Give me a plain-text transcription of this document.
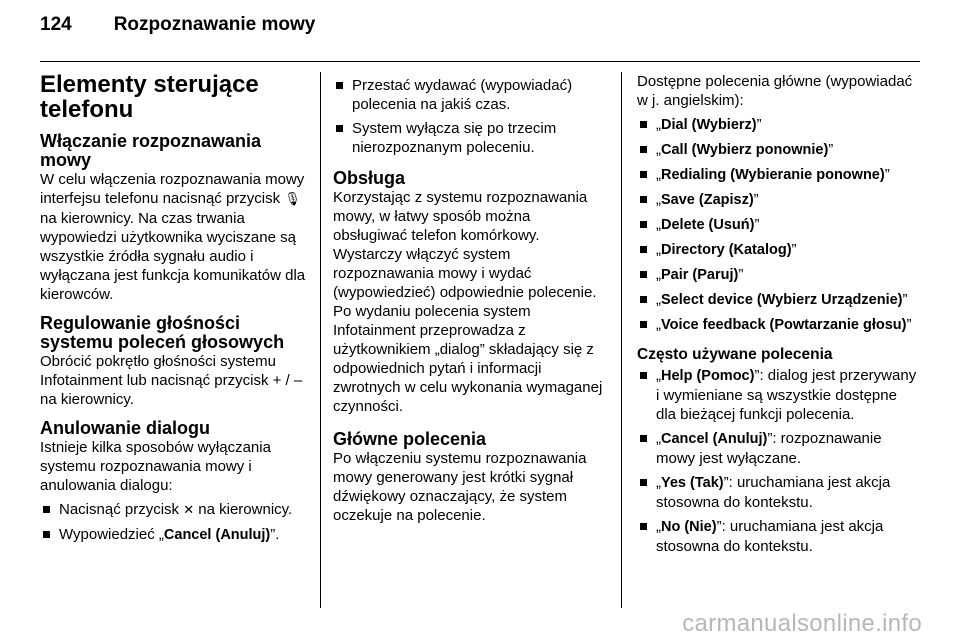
124 Rozpoznawanie mowy
Elementy sterujące telefonu
Włączanie rozpoznawania mowy

W celu włączenia rozpoznawania mowy interfejsu telefonu nacisnąć przycisk 🎙︎ na kierownicy. Na czas trwania wypowiedzi użytkownika wyciszane są wszystkie źródła sygnału audio i wyłączana jest funkcja komunikatów dla kierowców.

Regulowanie głośności systemu poleceń głosowych

Obrócić pokrętło głośności systemu Infotainment lub nacisnąć przycisk + / – na kierownicy.

Anulowanie dialogu

Istnieje kilka sposobów wyłączania systemu rozpoznawania mowy i anulowania dialogu:

Nacisnąć przycisk ✕ na kierownicy.
Wypowiedzieć „Cancel (Anuluj)”.
Przestać wydawać (wypowiadać) polecenia na jakiś czas.
System wyłącza się po trzecim nierozpoznanym poleceniu.
Obsługa

Korzystając z systemu rozpoznawania mowy, w łatwy sposób można obsługiwać telefon komórkowy. Wystarczy włączyć system rozpoznawania mowy i wydać (wypowiedzieć) odpowiednie polecenie. Po wydaniu polecenia system Infotainment przeprowadza z użytkownikiem „dialog” składający się z odpowiednich pytań i informacji zwrotnych w celu wykonania wymaganej czynności.

Główne polecenia

Po włączeniu systemu rozpoznawania mowy generowany jest krótki sygnał dźwiękowy oznaczający, że system oczekuje na polecenie.

Dostępne polecenia główne (wypowiadać w j. angielskim):

„Dial (Wybierz)”
„Call (Wybierz ponownie)”
„Redialing (Wybieranie ponowne)”
„Save (Zapisz)”
„Delete (Usuń)”
„Directory (Katalog)”
„Pair (Paruj)”
„Select device (Wybierz Urządzenie)”
„Voice feedback (Powtarzanie głosu)”
Często używane polecenia
„Help (Pomoc)”: dialog jest przerywany i wymieniane są wszystkie dostępne dla bieżącej funkcji polecenia.
„Cancel (Anuluj)”: rozpoznawanie mowy jest wyłączane.
„Yes (Tak)”: uruchamiana jest akcja stosowna do kontekstu.
„No (Nie)”: uruchamiana jest akcja stosowna do kontekstu.
carmanualsonline.info
